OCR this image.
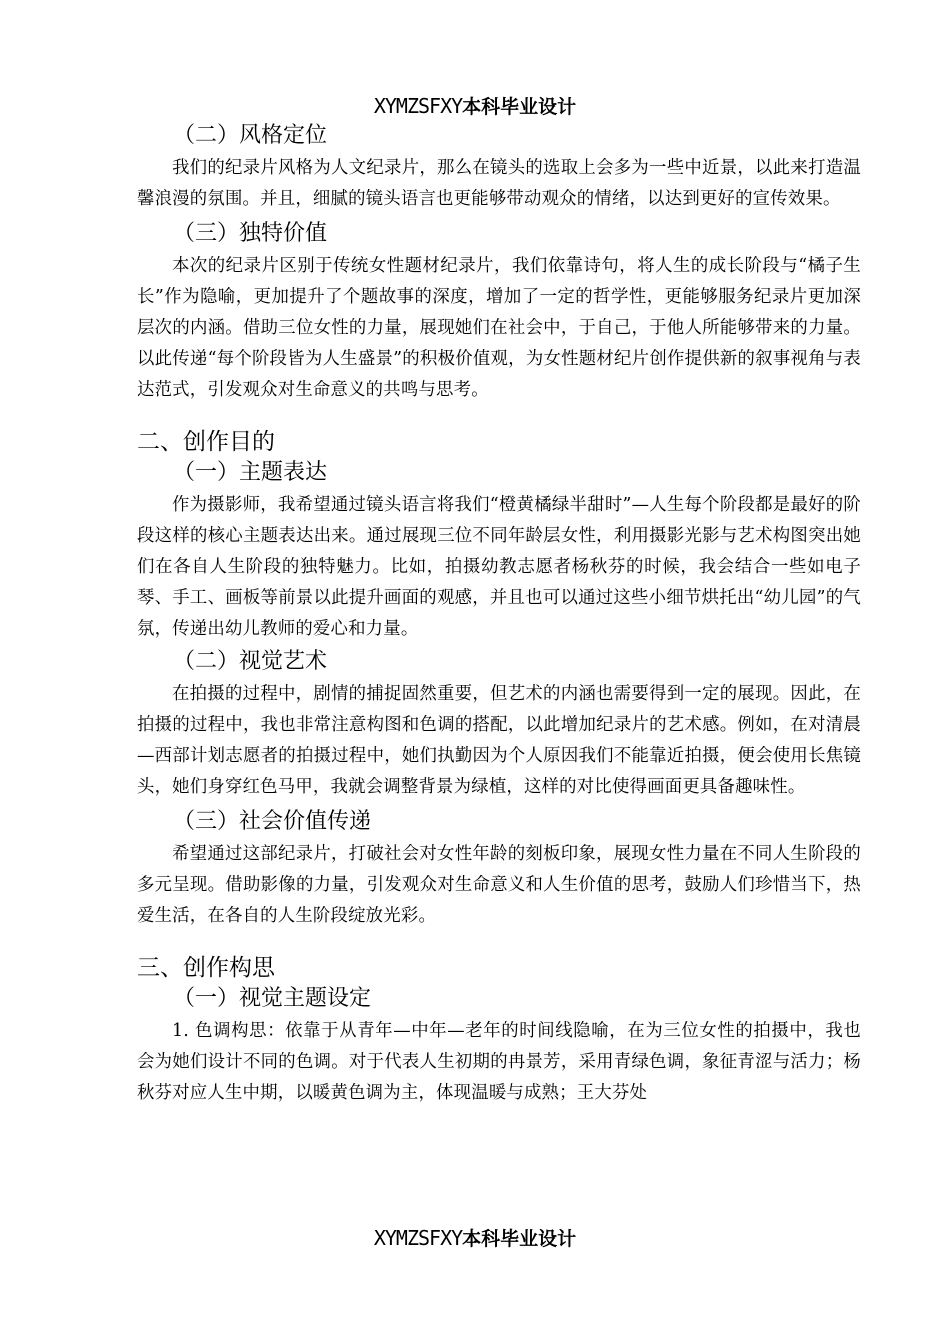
XYMZSFXY本科毕业设计

（二）风格定位

我们的纪录片风格为人文纪录片，那么在镜头的选取上会多为一些中近景，以此来打造温馨浪漫的氛围。并且，细腻的镜头语言也更能够带动观众的情绪，以达到更好的宣传效果。

（三）独特价值

本次的纪录片区别于传统女性题材纪录片，我们依靠诗句，将人生的成长阶段与“橘子生长”作为隐喻，更加提升了个题故事的深度，增加了一定的哲学性，更能够服务纪录片更加深层次的内涵。借助三位女性的力量，展现她们在社会中，于自己，于他人所能够带来的力量。以此传递“每个阶段皆为人生盛景”的积极价值观，为女性题材纪片创作提供新的叙事视角与表达范式，引发观众对生命意义的共鸣与思考。

二、创作目的

（一）主题表达

作为摄影师，我希望通过镜头语言将我们“橙黄橘绿半甜时”—人生每个阶段都是最好的阶段这样的核心主题表达出来。通过展现三位不同年龄层女性，利用摄影光影与艺术构图突出她们在各自人生阶段的独特魅力。比如，拍摄幼教志愿者杨秋芬的时候，我会结合一些如电子琴、手工、画板等前景以此提升画面的观感，并且也可以通过这些小细节烘托出“幼儿园”的气氛，传递出幼儿教师的爱心和力量。

（二）视觉艺术

在拍摄的过程中，剧情的捕捉固然重要，但艺术的内涵也需要得到一定的展现。因此，在拍摄的过程中，我也非常注意构图和色调的搭配，以此增加纪录片的艺术感。例如，在对清晨—西部计划志愿者的拍摄过程中，她们执勤因为个人原因我们不能靠近拍摄，便会使用长焦镜头，她们身穿红色马甲，我就会调整背景为绿植，这样的对比使得画面更具备趣味性。

（三）社会价值传递

希望通过这部纪录片，打破社会对女性年龄的刻板印象，展现女性力量在不同人生阶段的多元呈现。借助影像的力量，引发观众对生命意义和人生价值的思考，鼓励人们珍惜当下，热爱生活，在各自的人生阶段绽放光彩。

三、创作构思

（一）视觉主题设定

1. 色调构思：依靠于从青年—中年—老年的时间线隐喻，在为三位女性的拍摄中，我也会为她们设计不同的色调。对于代表人生初期的冉景芳，采用青绿色调，象征青涩与活力；杨秋芬对应人生中期，以暖黄色调为主，体现温暖与成熟；王大芬处

XYMZSFXY本科毕业设计
